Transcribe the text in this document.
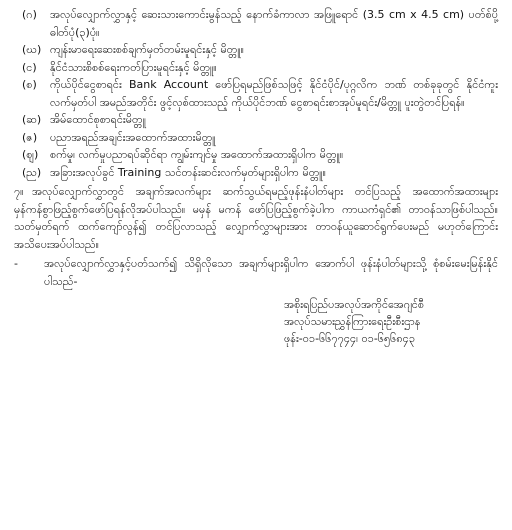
(ဂ)	အလုပ်လျှောက်လွှာနှင့် ဆေးသားကောင်းမွန်သည့် နောက်ခံကာလာ အဖြူရောင် (3.5 cm x 4.5 cm) ပတ်စ်ပို့ဓါတ်ပုံ(၃)ပုံ။
(ဃ) ကျန်းမာရေးဆေးစစ်ချက်မှတ်တမ်းမူရင်းနှင့် မိတ္တူ။
(င)	နိုင်ငံသားစိစစ်ရေးကတ်ပြားမူရင်းနှင့် မိတ္တူ။
(စ)	ကိုယ်ပိုင်ငွေစာရင်း Bank Account ဖော်ပြရမည်ဖြစ်သဖြင့် နိုင်ငံပိုင်/ပုဂ္ဂလိက ဘဏ် တစ်ခုခုတွင် နိုင်ငံကူးလက်မှတ်ပါ အမည်အတိုင်း ဖွင့်လှစ်ထားသည့် ကိုယ်ပိုင်ဘဏ် ငွေစာရင်းစာအုပ်မူရင်း/မိတ္တူ ပူးတွဲတင်ပြရန်။
(ဆ) အိမ်ထောင်စုစာရင်းမိတ္တူ
(ဇ)	ပညာအရည်အချင်းအထောက်အထားမိတ္တူ
(ဈ)	စက်မှု၊ လက်မှုပညာရပ်ဆိုင်ရာ ကျွမ်းကျင်မှု အထောက်အထားရှိပါက မိတ္တူ။
(ည) အခြားအလုပ်ခွင် Training သင်တန်းဆင်းလက်မှတ်များရှိပါက မိတ္တူ။
၇။ အလုပ်လျှောက်လွှာတွင် အချက်အလက်များ ဆက်သွယ်ရမည့်ဖုန်းနံပါတ်များ တင်ပြသည့် အထောက်အထားများ မှန်ကန်စွာဖြည့်စွက်ဖော်ပြရန်လိုအပ်ပါသည်။ မမှန် မကန် ဖော်ပြဖြည့်စွက်ခဲ့ပါက ကာယကံရှင်၏ တာဝန်သာဖြစ်ပါသည်။ သတ်မှတ်ရက် ထက်ကျော်လွန်၍ တင်ပြလာသည့် လျှောက်လွှာများအား တာဝန်ယူဆောင်ရွက်ပေးမည် မဟုတ်ကြောင်း အသိပေးအပ်ပါသည်။
-	အလုပ်လျှောက်လွှာနှင့်ပတ်သက်၍ သိရှိလိုသော အချက်များရှိပါက အောက်ပါ ဖုန်းနံပါတ်များသို့ စုံစမ်းမေးမြန်းနိုင်ပါသည်-
အစိုးရပြည်ပအလုပ်အကိုင်အေဂျင်စီ
အလုပ်သမားညွှန်ကြားရေးဦးစီးဌာန
ဖုန်း-၀၁-၆၆၇၇၄၄၊ ၀၁-၆၅၆၈၄၃
